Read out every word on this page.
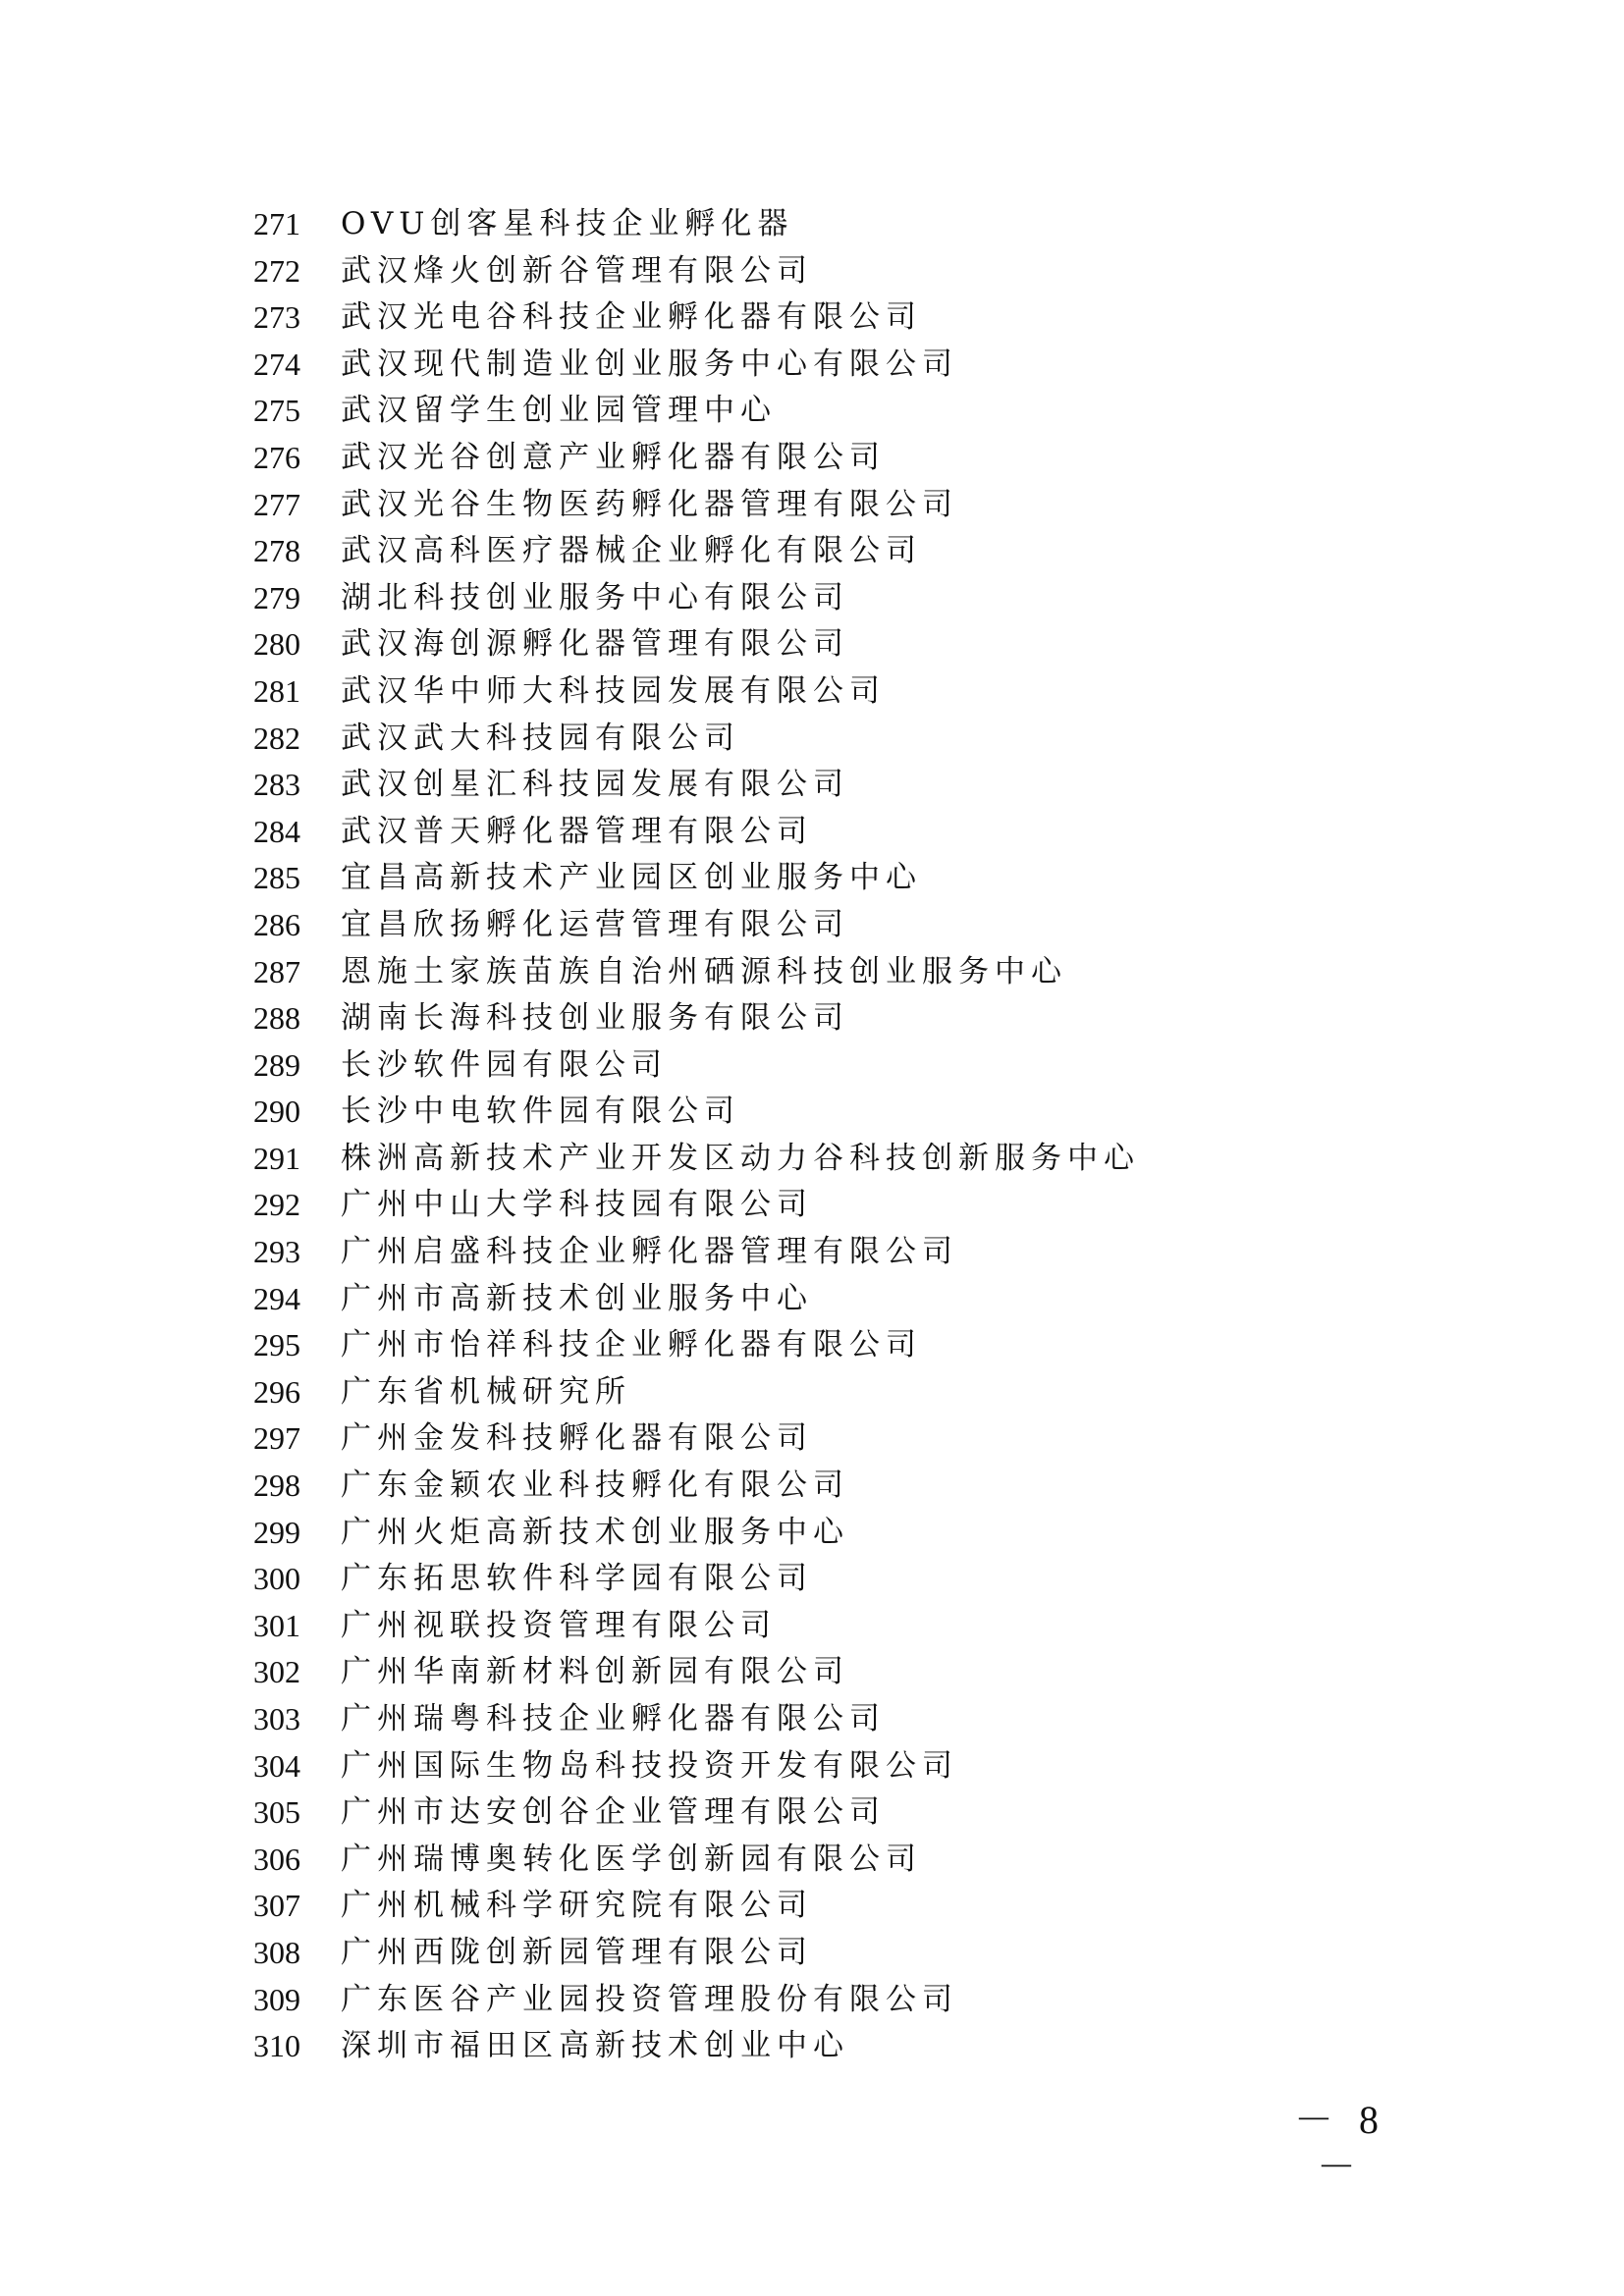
271	OVU创客星科技企业孵化器
272	武汉烽火创新谷管理有限公司
273	武汉光电谷科技企业孵化器有限公司
274	武汉现代制造业创业服务中心有限公司
275	武汉留学生创业园管理中心
276	武汉光谷创意产业孵化器有限公司
277	武汉光谷生物医药孵化器管理有限公司
278	武汉高科医疗器械企业孵化有限公司
279	湖北科技创业服务中心有限公司
280	武汉海创源孵化器管理有限公司
281	武汉华中师大科技园发展有限公司
282	武汉武大科技园有限公司
283	武汉创星汇科技园发展有限公司
284	武汉普天孵化器管理有限公司
285	宜昌高新技术产业园区创业服务中心
286	宜昌欣扬孵化运营管理有限公司
287	恩施土家族苗族自治州硒源科技创业服务中心
288	湖南长海科技创业服务有限公司
289	长沙软件园有限公司
290	长沙中电软件园有限公司
291	株洲高新技术产业开发区动力谷科技创新服务中心
292	广州中山大学科技园有限公司
293	广州启盛科技企业孵化器管理有限公司
294	广州市高新技术创业服务中心
295	广州市怡祥科技企业孵化器有限公司
296	广东省机械研究所
297	广州金发科技孵化器有限公司
298	广东金颖农业科技孵化有限公司
299	广州火炬高新技术创业服务中心
300	广东拓思软件科学园有限公司
301	广州视联投资管理有限公司
302	广州华南新材料创新园有限公司
303	广州瑞粤科技企业孵化器有限公司
304	广州国际生物岛科技投资开发有限公司
305	广州市达安创谷企业管理有限公司
306	广州瑞博奥转化医学创新园有限公司
307	广州机械科学研究院有限公司
308	广州西陇创新园管理有限公司
309	广东医谷产业园投资管理股份有限公司
310	深圳市福田区高新技术创业中心
－ 8 －
